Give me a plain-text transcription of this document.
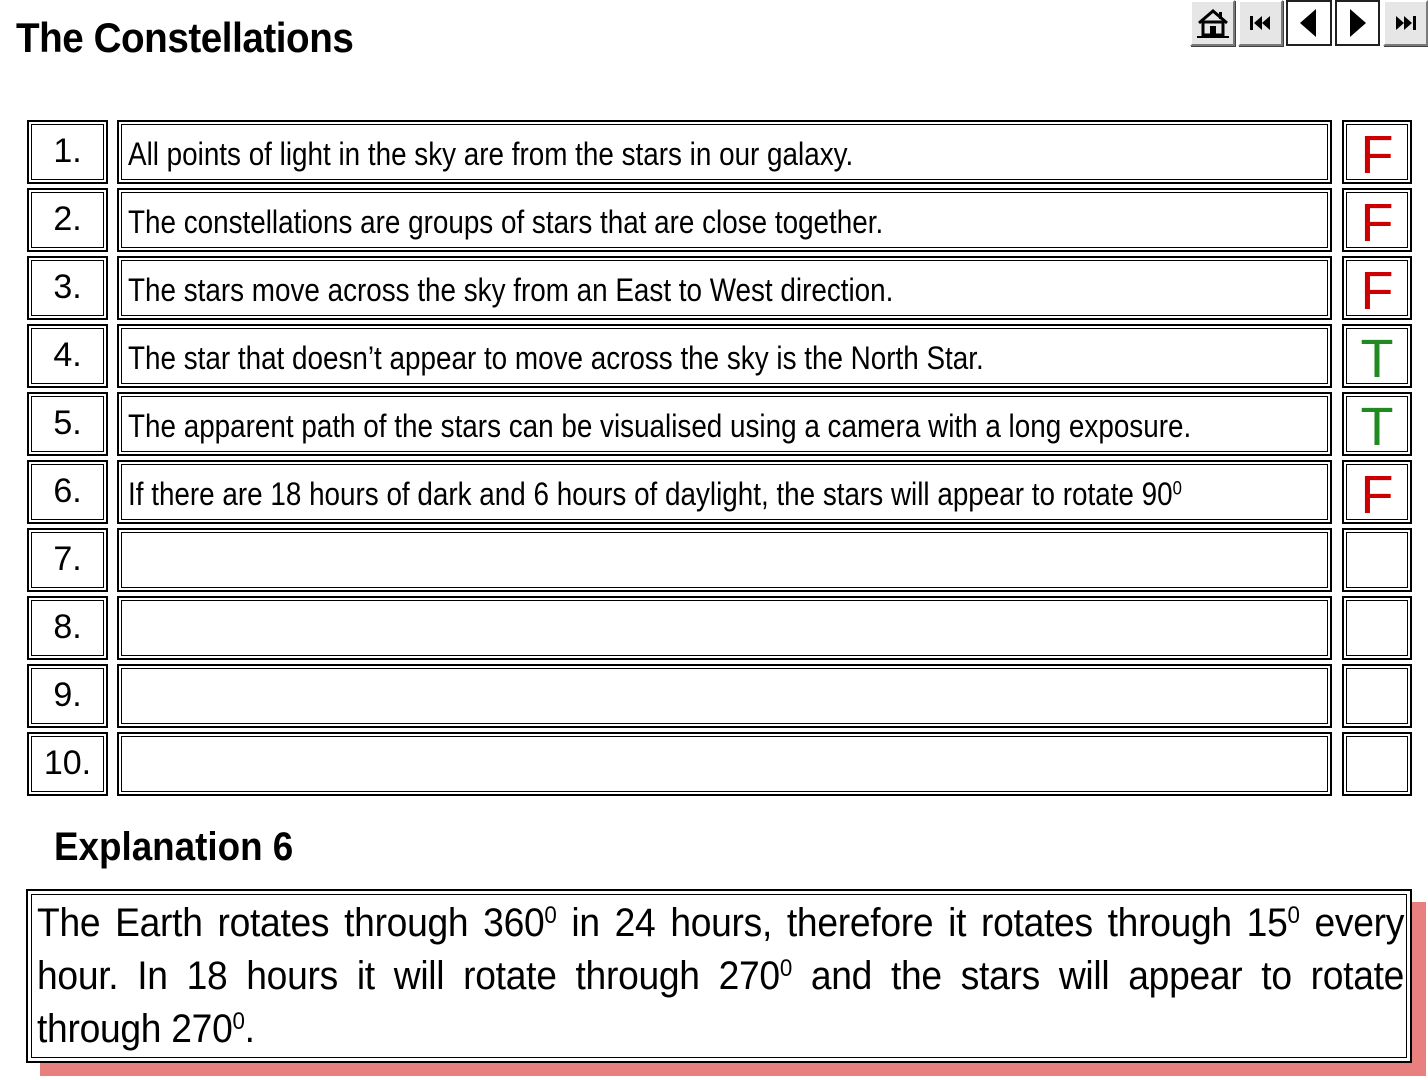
The Constellations
1.	All points of light in the sky are from the stars in our galaxy.	F
2.	The constellations are groups of stars that are close together.	F
3.	The stars move across the sky from an East to West direction.	F
4.	The star that doesn’t appear to move across the sky is the North Star.	T
5.	The apparent path of the stars can be visualised using a camera with a long exposure.	T
6.	If there are 18 hours of dark and 6 hours of daylight, the stars will appear to rotate $90^0$	F
7.
8.
9.
10.
Explanation 6
The Earth rotates through $360^0$ in 24 hours, therefore it rotates through $15^0$ every hour. In 18 hours it will rotate through $270^0$ and the stars will appear to rotate through $270^0$.
